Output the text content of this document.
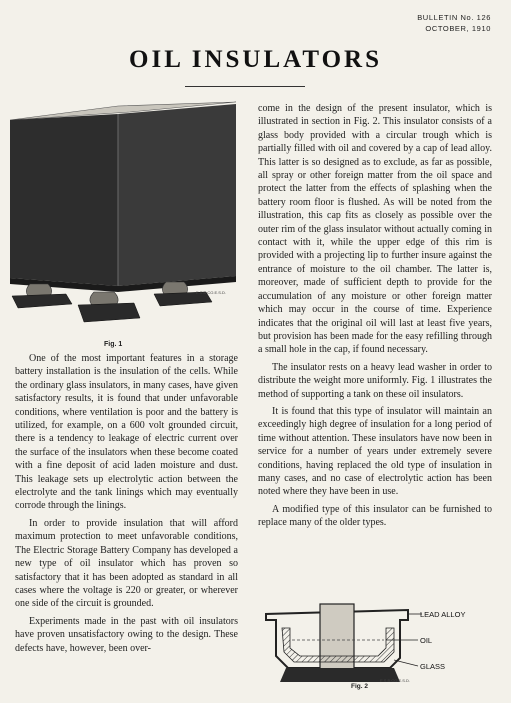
BULLETIN No. 126
OCTOBER, 1910
OIL INSULATORS
E.S.B.CO.E.S.D.
Fig. 1

One of the most important features in a storage battery installation is the insulation of the cells. While the ordinary glass insulators, in many cases, have given satisfactory results, it is found that under unfavorable conditions, where ventilation is poor and the battery is utilized, for example, on a 600 volt grounded circuit, there is a tendency to leakage of electric current over the surface of the insulators when these become coated with a fine deposit of acid laden moisture and dust. This leakage sets up electrolytic action between the electrolyte and the tank linings which may eventually corrode through the linings.

In order to provide insulation that will afford maximum protection to meet unfavorable conditions, The Electric Storage Battery Company has developed a new type of oil insulator which has proven so satisfactory that it has been adopted as standard in all cases where the voltage is 220 or greater, or wherever one side of the circuit is grounded.

Experiments made in the past with oil insulators have proven unsatisfactory owing to the design. These defects have, however, been over-

come in the design of the present insulator, which is illustrated in section in Fig. 2. This insulator consists of a glass body provided with a circular trough which is partially filled with oil and covered by a cap of lead alloy. This latter is so designed as to exclude, as far as possible, all spray or other foreign matter from the oil space and protect the latter from the effects of splashing when the battery room floor is flushed. As will be noted from the illustration, this cap fits as closely as possible over the outer rim of the glass insulator without actually coming in contact with it, while the upper edge of this rim is provided with a projecting lip to further insure against the entrance of moisture to the oil chamber. The latter is, moreover, made of sufficient depth to provide for the accumulation of any moisture or other foreign matter which may occur in the course of time. Experience indicates that the original oil will last at least five years, but provision has been made for the easy refilling through a small hole in the cap, if found necessary.

The insulator rests on a heavy lead washer in order to distribute the weight more uniformly. Fig. 1 illustrates the method of supporting a tank on these oil insulators.

It is found that this type of insulator will maintain an exceedingly high degree of insulation for a long period of time without attention. These insulators have now been in service for a number of years under extremely severe conditions, having replaced the old type of insulation in many cases, and no case of electrolytic action has been noted where they have been in use.

A modified type of this insulator can be furnished to replace many of the older types.

LEAD ALLOY
OIL
GLASS
E.S.B.CO.E.S.D.
Fig. 2
